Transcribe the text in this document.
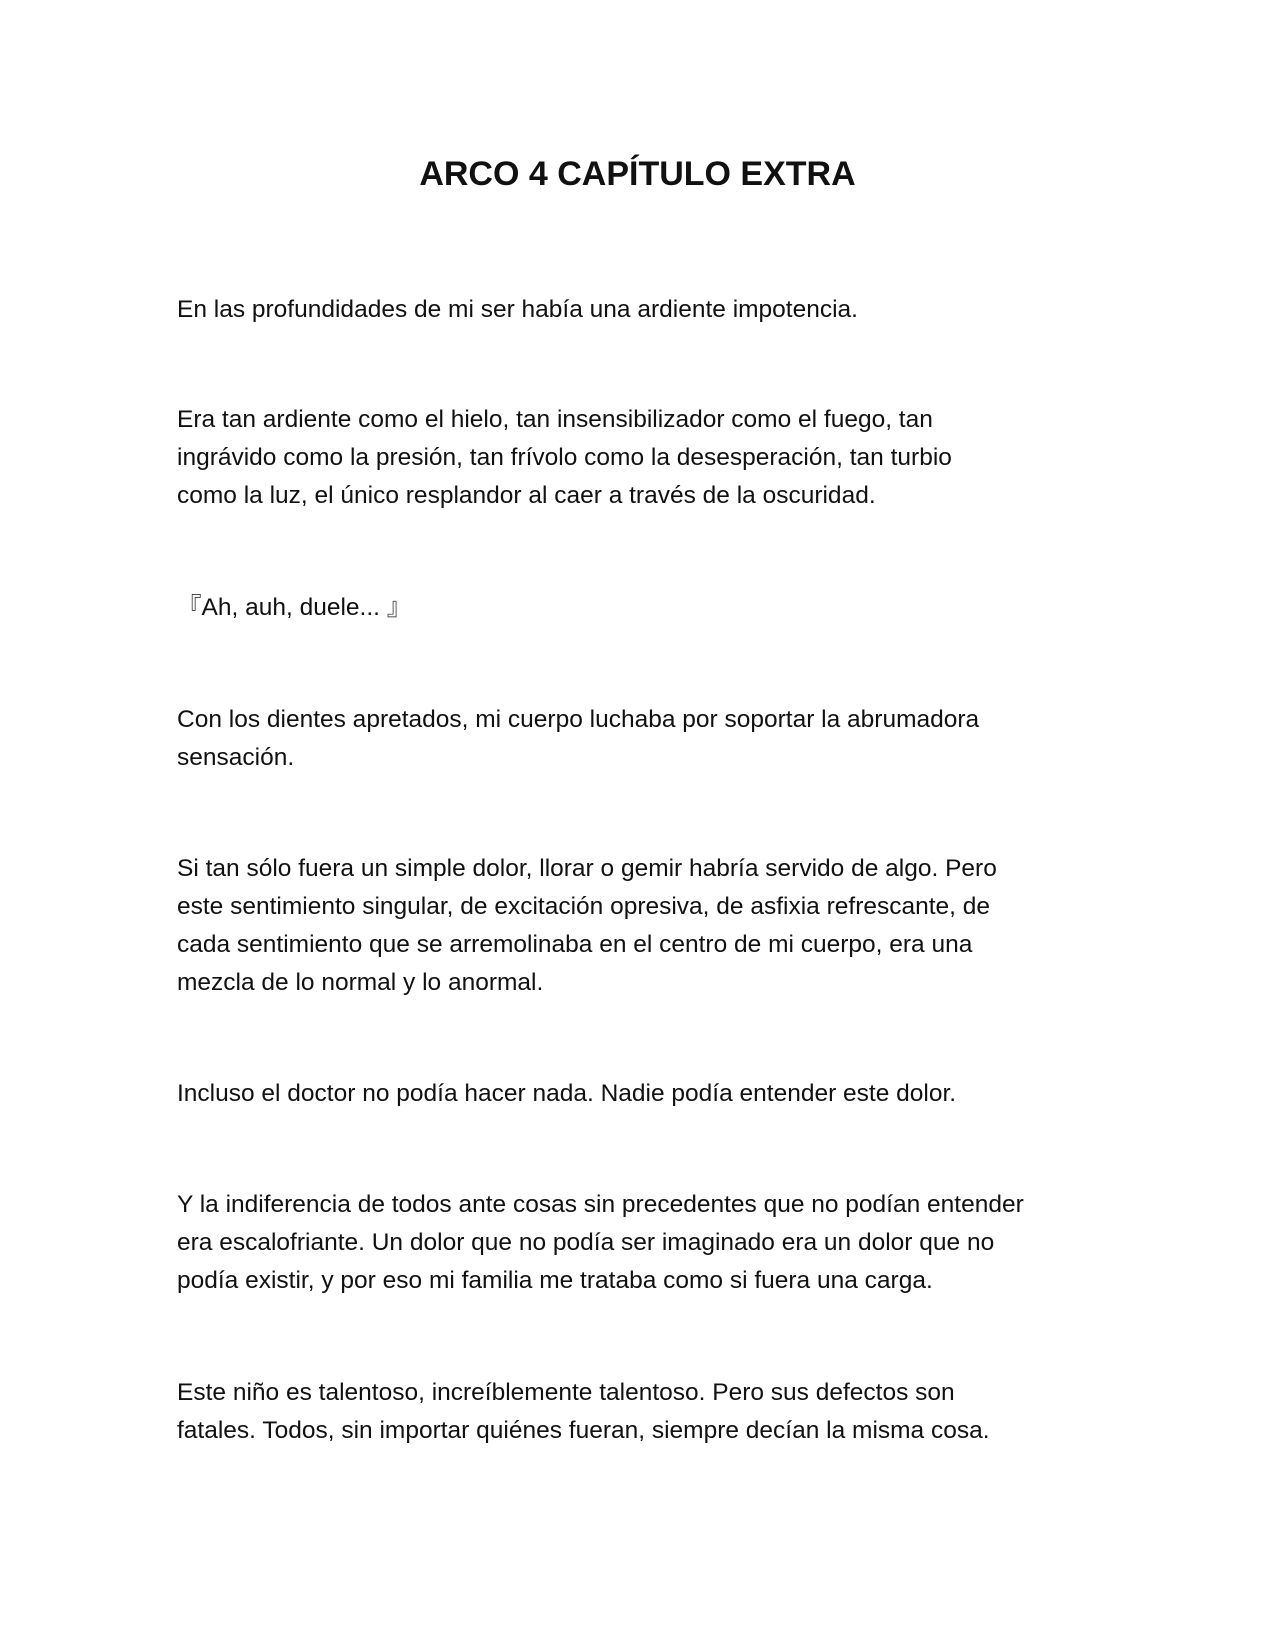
ARCO 4 CAPÍTULO EXTRA

En las profundidades de mi ser había una ardiente impotencia.

Era tan ardiente como el hielo, tan insensibilizador como el fuego, tan
ingrávido como la presión, tan frívolo como la desesperación, tan turbio
como la luz, el único resplandor al caer a través de la oscuridad.

『Ah, auh, duele... 』

Con los dientes apretados, mi cuerpo luchaba por soportar la abrumadora
sensación.

Si tan sólo fuera un simple dolor, llorar o gemir habría servido de algo. Pero
este sentimiento singular, de excitación opresiva, de asfixia refrescante, de
cada sentimiento que se arremolinaba en el centro de mi cuerpo, era una
mezcla de lo normal y lo anormal.

Incluso el doctor no podía hacer nada. Nadie podía entender este dolor.

Y la indiferencia de todos ante cosas sin precedentes que no podían entender
era escalofriante. Un dolor que no podía ser imaginado era un dolor que no
podía existir, y por eso mi familia me trataba como si fuera una carga.

Este niño es talentoso, increíblemente talentoso. Pero sus defectos son
fatales. Todos, sin importar quiénes fueran, siempre decían la misma cosa.
